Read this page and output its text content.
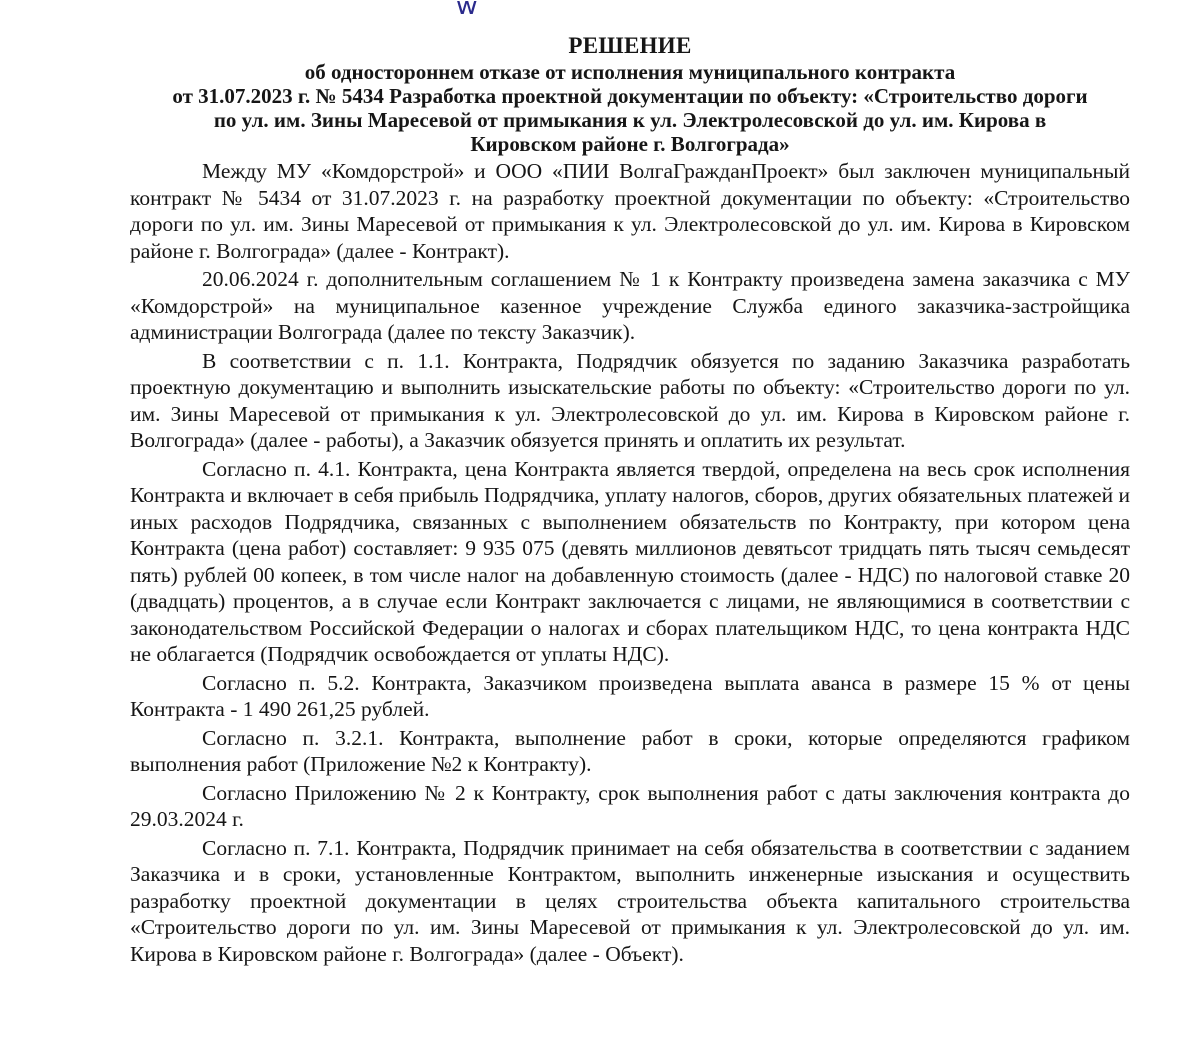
w
РЕШЕНИЕ
об одностороннем отказе от исполнения муниципального контракта
от 31.07.2023 г. № 5434 Разработка проектной документации по объекту: «Строительство дороги
по ул. им. Зины Маресевой от примыкания к ул. Электролесовской до ул. им. Кирова в
Кировском районе г. Волгограда»

Между МУ «Комдорстрой» и ООО «ПИИ ВолгаГражданПроект» был заключен муниципальный контракт № 5434 от 31.07.2023 г. на разработку проектной документации по объекту: «Строительство дороги по ул. им. Зины Маресевой от примыкания к ул. Электролесовской до ул. им. Кирова в Кировском районе г. Волгограда» (далее - Контракт).

20.06.2024 г. дополнительным соглашением № 1 к Контракту произведена замена заказчика с МУ «Комдорстрой» на муниципальное казенное учреждение Служба единого заказчика-застройщика администрации Волгограда (далее по тексту Заказчик).

В соответствии с п. 1.1. Контракта, Подрядчик обязуется по заданию Заказчика разработать проектную документацию и выполнить изыскательские работы по объекту: «Строительство дороги по ул. им. Зины Маресевой от примыкания к ул. Электролесовской до ул. им. Кирова в Кировском районе г. Волгограда» (далее - работы), а Заказчик обязуется принять и оплатить их результат.

Согласно п. 4.1. Контракта, цена Контракта является твердой, определена на весь срок исполнения Контракта и включает в себя прибыль Подрядчика, уплату налогов, сборов, других обязательных платежей и иных расходов Подрядчика, связанных с выполнением обязательств по Контракту, при котором цена Контракта (цена работ) составляет: 9 935 075 (девять миллионов девятьсот тридцать пять тысяч семьдесят пять) рублей 00 копеек, в том числе налог на добавленную стоимость (далее - НДС) по налоговой ставке 20 (двадцать) процентов, а в случае если Контракт заключается с лицами, не являющимися в соответствии с законодательством Российской Федерации о налогах и сборах плательщиком НДС, то цена контракта НДС не облагается (Подрядчик освобождается от уплаты НДС).

Согласно п. 5.2. Контракта, Заказчиком произведена выплата аванса в размере 15 % от цены Контракта - 1 490 261,25 рублей.

Согласно п. 3.2.1. Контракта, выполнение работ в сроки, которые определяются графиком выполнения работ (Приложение №2 к Контракту).

Согласно Приложению № 2 к Контракту, срок выполнения работ с даты заключения контракта до 29.03.2024 г.

Согласно п. 7.1. Контракта, Подрядчик принимает на себя обязательства в соответствии с заданием Заказчика и в сроки, установленные Контрактом, выполнить инженерные изыскания и осуществить разработку проектной документации в целях строительства объекта капитального строительства «Строительство дороги по ул. им. Зины Маресевой от примыкания к ул. Электролесовской до ул. им. Кирова в Кировском районе г. Волгограда» (далее - Объект).
